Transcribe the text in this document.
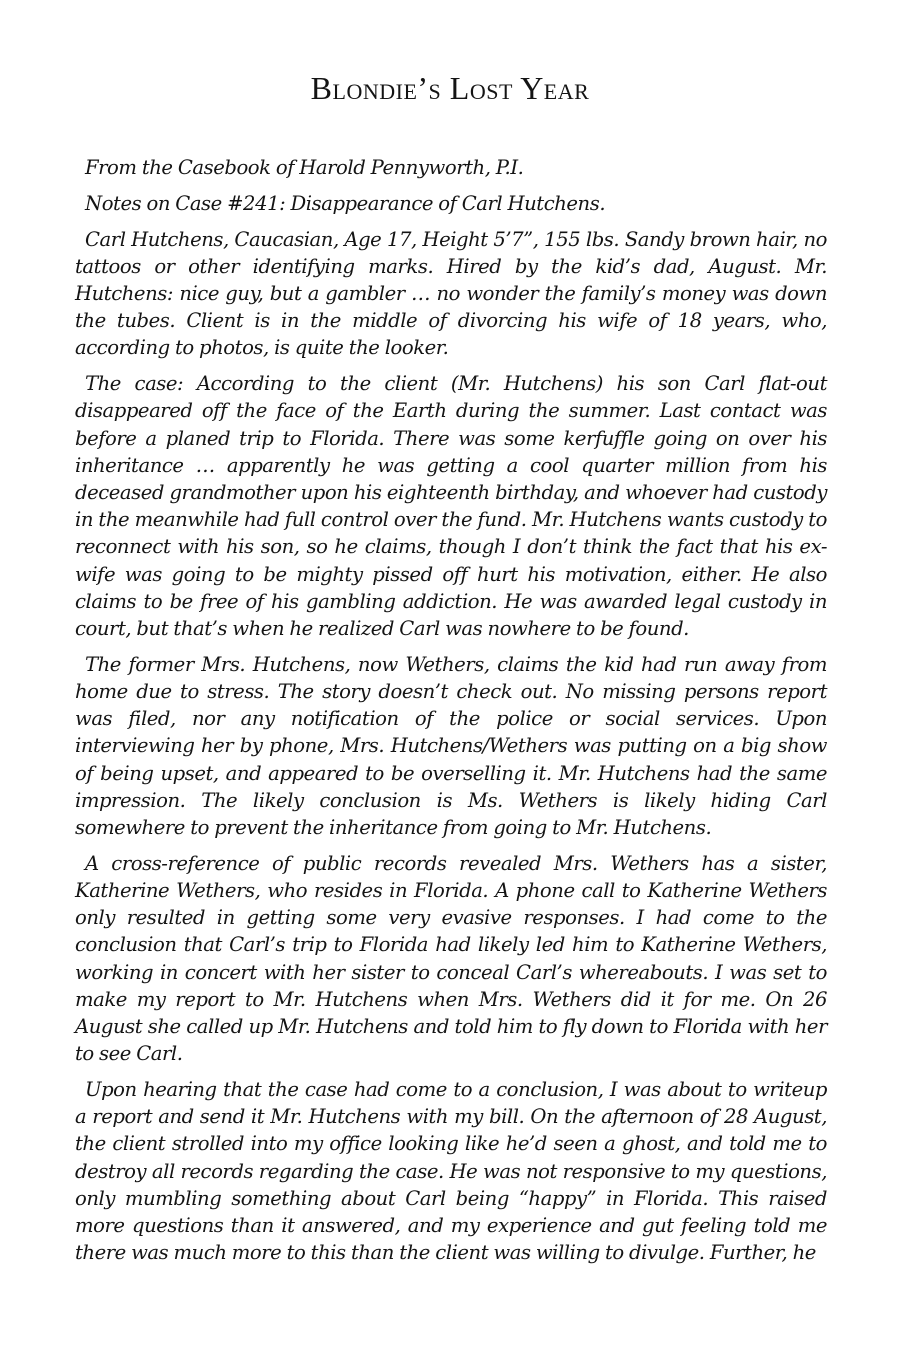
Blondie’s Lost Year

From the Casebook of Harold Pennyworth, P.I.

Notes on Case #241: Disappearance of Carl Hutchens.

Carl Hutchens, Caucasian, Age 17, Height 5’7”, 155 lbs. Sandy brown hair, no tattoos or other identifying marks. Hired by the kid’s dad, August. Mr. Hutchens: nice guy, but a gambler … no wonder the family’s money was down the tubes. Client is in the middle of divorcing his wife of 18 years, who, according to photos, is quite the looker.

The case: According to the client (Mr. Hutchens) his son Carl flat-out disappeared off the face of the Earth during the summer. Last contact was before a planed trip to Florida. There was some kerfuffle going on over his inheritance … apparently he was getting a cool quarter million from his deceased grandmother upon his eighteenth birthday, and whoever had custody in the meanwhile had full control over the fund. Mr. Hutchens wants custody to reconnect with his son, so he claims, though I don’t think the fact that his ex-wife was going to be mighty pissed off hurt his motivation, either. He also claims to be free of his gambling addiction. He was awarded legal custody in court, but that’s when he realized Carl was nowhere to be found.

The former Mrs. Hutchens, now Wethers, claims the kid had run away from home due to stress. The story doesn’t check out. No missing persons report was filed, nor any notification of the police or social services. Upon interviewing her by phone, Mrs. Hutchens/Wethers was putting on a big show of being upset, and appeared to be overselling it. Mr. Hutchens had the same impression. The likely conclusion is Ms. Wethers is likely hiding Carl somewhere to prevent the inheritance from going to Mr. Hutchens.

A cross-reference of public records revealed Mrs. Wethers has a sister, Katherine Wethers, who resides in Florida. A phone call to Katherine Wethers only resulted in getting some very evasive responses. I had come to the conclusion that Carl’s trip to Florida had likely led him to Katherine Wethers, working in concert with her sister to conceal Carl’s whereabouts. I was set to make my report to Mr. Hutchens when Mrs. Wethers did it for me. On 26 August she called up Mr. Hutchens and told him to fly down to Florida with her to see Carl.

Upon hearing that the case had come to a conclusion, I was about to writeup a report and send it Mr. Hutchens with my bill. On the afternoon of 28 August, the client strolled into my office looking like he’d seen a ghost, and told me to destroy all records regarding the case. He was not responsive to my questions, only mumbling something about Carl being “happy” in Florida. This raised more questions than it answered, and my experience and gut feeling told me there was much more to this than the client was willing to divulge. Further, he
